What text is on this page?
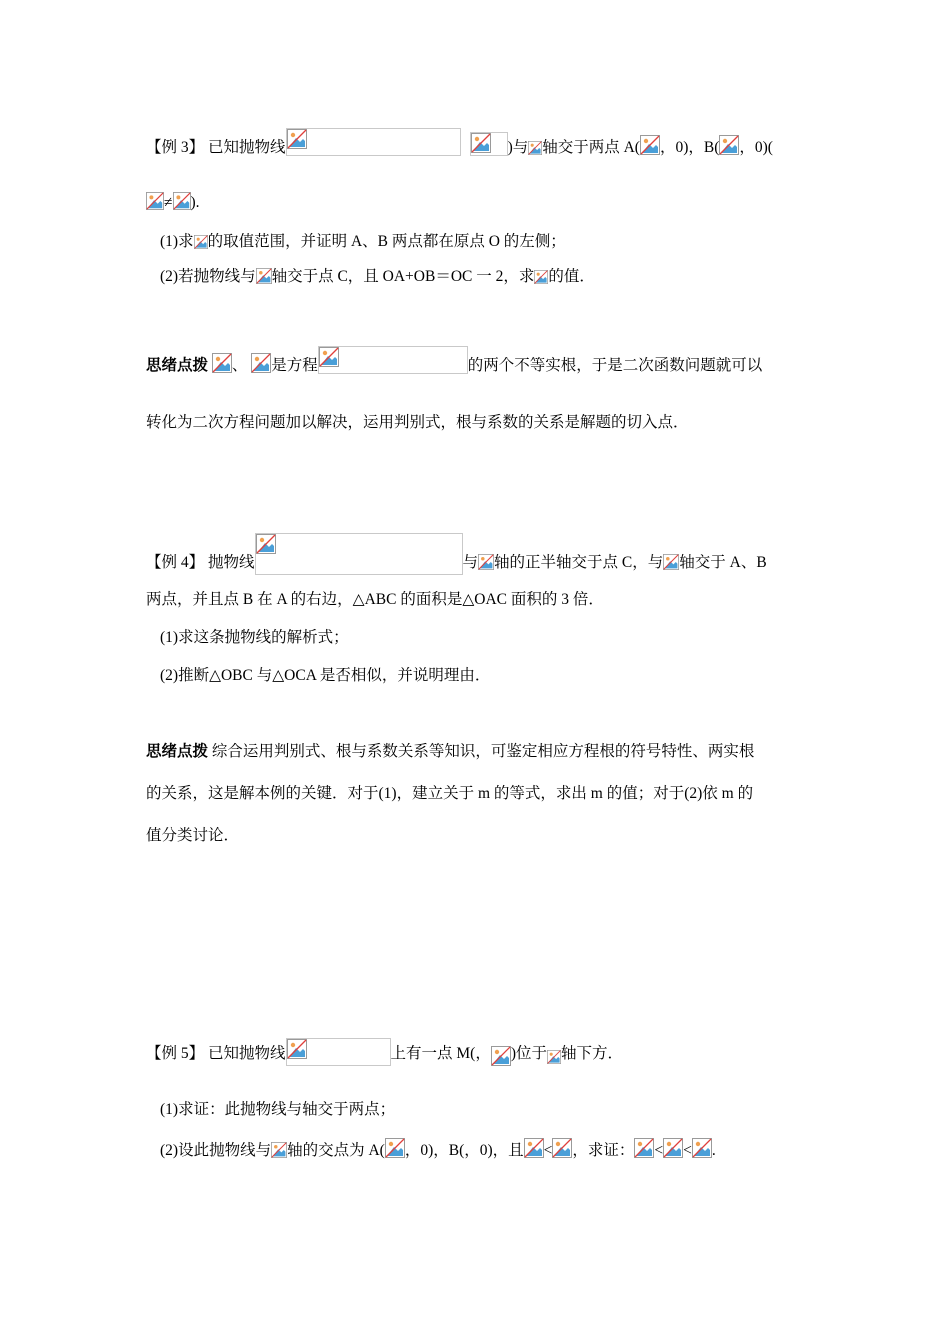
【例 3】 已知抛物线
	)与 轴交于两点 A( ，0)，B( ，0)(
≠ ).
(1)求 的取值范围，并证明 A、B 两点都在原点 O 的左侧；
(2)若抛物线与 轴交于点 C，且 OA+OB＝OC 一 2，求 的值．
思绪点拨 、 是方程	的两个不等实根，于是二次函数问题就可以
转化为二次方程问题加以解决，运用判别式，根与系数的关系是解题的切入点．
【例 4】 抛物线	与 轴的正半轴交于点 C，与 轴交于 A、B
两点，并且点 B 在 A 的右边，△ABC 的面积是△OAC 面积的 3 倍．
(1)求这条抛物线的解析式；
(2)推断△OBC 与△OCA 是否相似，并说明理由．
思绪点拨 综合运用判别式、根与系数关系等知识，可鉴定相应方程根的符号特性、两实根
的关系，这是解本例的关键．对于(1)，建立关于 m 的等式，求出 m 的值；对于(2)依 m 的
值分类讨论．
【例 5】 已知抛物线	上有一点 M(， )位于 轴下方．
(1)求证：此抛物线与轴交于两点；
(2)设此抛物线与 轴的交点为 A( ，0)，B(，0)，且 < ，求证： < < .
